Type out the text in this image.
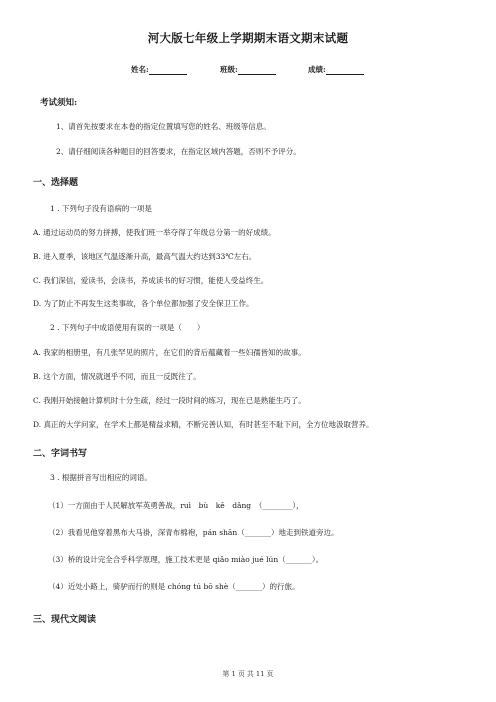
河大版七年级上学期期末语文期末试题
姓名:	班级:	成绩:
考试须知:
1、请首先按要求在本卷的指定位置填写您的姓名、班级等信息。
2、请仔细阅读各种题目的回答要求，在指定区域内答题，否则不予评分。
一、选择题
1 . 下列句子没有语病的一项是
A. 通过运动员的努力拼搏，使我们班一举夺得了年级总分第一的好成绩。
B. 进入夏季，该地区气温逐渐升高，最高气温大约达到33℃左右。
C. 我们深信，爱读书，会读书，养成读书的好习惯，能使人受益终生。
D. 为了防止不再发生这类事故，各个单位都加强了安全保卫工作。
2 . 下列句子中成语使用有误的一项是（　　）
A. 我家的相册里，有几张罕见的照片，在它们的背后蕴藏着一些妇孺皆知的故事。
B. 这个方面，情况就迥乎不同，而且一反既往了。
C. 我刚开始接触计算机时十分生疏，经过一段时间的练习，现在已是熟能生巧了。
D. 真正的大学问家，在学术上都是精益求精，不断完善认知，有时甚至不耻下问，全方位地汲取营养。
二、字词书写
3 . 根据拼音写出相应的词语。
（1）一方面由于人民解放军英勇善战，ruì　bù　kě　dǎng　（________），
（2）我看见他穿着黑布大马褂，深青布棉袍，pán shān（_______）地走到铁道旁边。
（3）桥的设计完全合乎科学原理，施工技术更是 qiǎo miào jué lún（_______）。
（4）近处小路上，骑驴而行的则是 chóng tú bō shè（_______）的行旅。
三、现代文阅读
第 1 页 共 11 页
